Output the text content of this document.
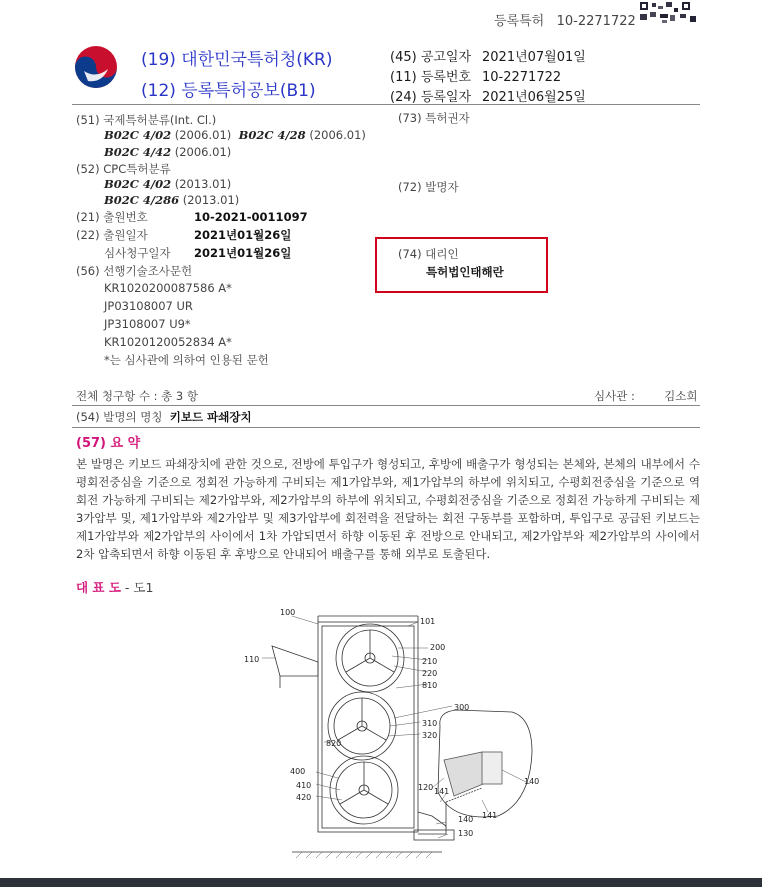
등록특허 10-2271722
(19) 대한민국특허청(KR)
(12) 등록특허공보(B1)
(45) 공고일자 2021년07월01일
(11) 등록번호 10-2271722
(24) 등록일자 2021년06월25일
(51) 국제특허분류(Int. Cl.)
B02C 4/02 (2006.01) B02C 4/28 (2006.01)
B02C 4/42 (2006.01)
(52) CPC특허분류
B02C 4/02 (2013.01)
B02C 4/286 (2013.01)
(21) 출원번호	10-2021-0011097
(22) 출원일자	2021년01월26일
심사청구일자 2021년01월26일
(56) 선행기술조사문헌
KR1020200087586 A*
JP03108007 UR
JP3108007 U9*
KR1020120052834 A*
*는 심사관에 의하여 인용된 문헌
(73) 특허권자
(72) 발명자
(74) 대리인
특허법인태해란
전체 청구항 수 : 총 3 항	심사관 :	김소희
(54) 발명의 명칭 키보드 파쇄장치
(57) 요 약
본 발명은 키보드 파쇄장치에 관한 것으로, 전방에 투입구가 형성되고, 후방에 배출구가 형성되는 본체와, 본체의 내부에서 수평회전중심을 기준으로 정회전 가능하게 구비되는 제1가압부와, 제1가압부의 하부에 위치되고, 수평회전중심을 기준으로 역회전 가능하게 구비되는 제2가압부와, 제2가압부의 하부에 위치되고, 수평회전중심을 기준으로 정회전 가능하게 구비되는 제3가압부 및, 제1가압부와 제2가압부 및 제3가압부에 회전력을 전달하는 회전 구동부를 포함하며, 투입구로 공급된 키보드는 제1가압부와 제2가압부의 사이에서 1차 가압되면서 하향 이동된 후 전방으로 안내되고, 제2가압부와 제2가압부의 사이에서 2차 압축되면서 하향 이동된 후 후방으로 안내되어 배출구를 통해 외부로 토출된다.
대 표 도 - 도1
100
110
101
200
210
220
810
300
310
320
820
400
410
420
120 141
140
130
140
141
